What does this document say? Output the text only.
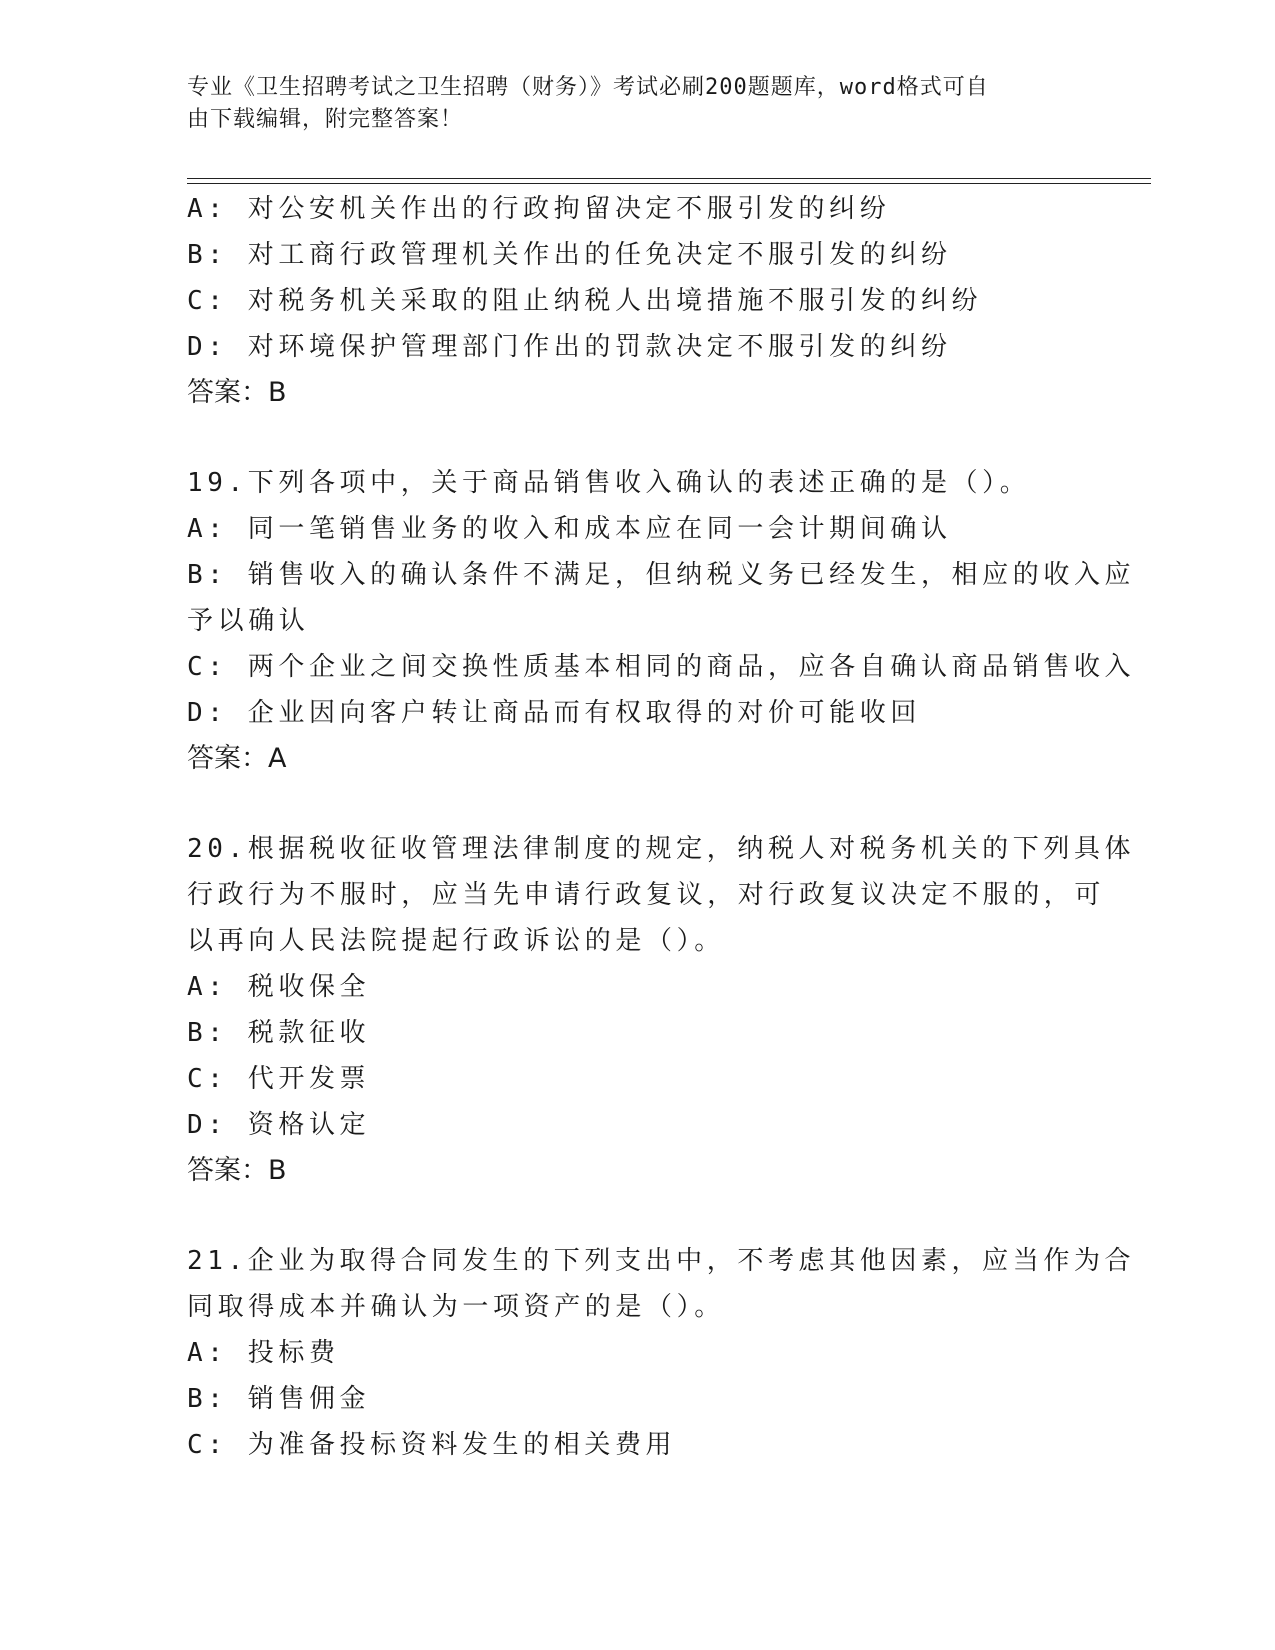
专业《卫生招聘考试之卫生招聘（财务）》考试必刷200题题库，word格式可自
由下载编辑，附完整答案！
A: 对公安机关作出的行政拘留决定不服引发的纠纷
B: 对工商行政管理机关作出的任免决定不服引发的纠纷
C: 对税务机关采取的阻止纳税人出境措施不服引发的纠纷
D: 对环境保护管理部门作出的罚款决定不服引发的纠纷
答案：B
19.下列各项中，关于商品销售收入确认的表述正确的是（）。
A: 同一笔销售业务的收入和成本应在同一会计期间确认
B: 销售收入的确认条件不满足，但纳税义务已经发生，相应的收入应
予以确认
C: 两个企业之间交换性质基本相同的商品，应各自确认商品销售收入
D: 企业因向客户转让商品而有权取得的对价可能收回
答案：A
20.根据税收征收管理法律制度的规定，纳税人对税务机关的下列具体
行政行为不服时，应当先申请行政复议，对行政复议决定不服的，可
以再向人民法院提起行政诉讼的是（）。
A: 税收保全
B: 税款征收
C: 代开发票
D: 资格认定
答案：B
21.企业为取得合同发生的下列支出中，不考虑其他因素，应当作为合
同取得成本并确认为一项资产的是（）。
A: 投标费
B: 销售佣金
C: 为准备投标资料发生的相关费用
